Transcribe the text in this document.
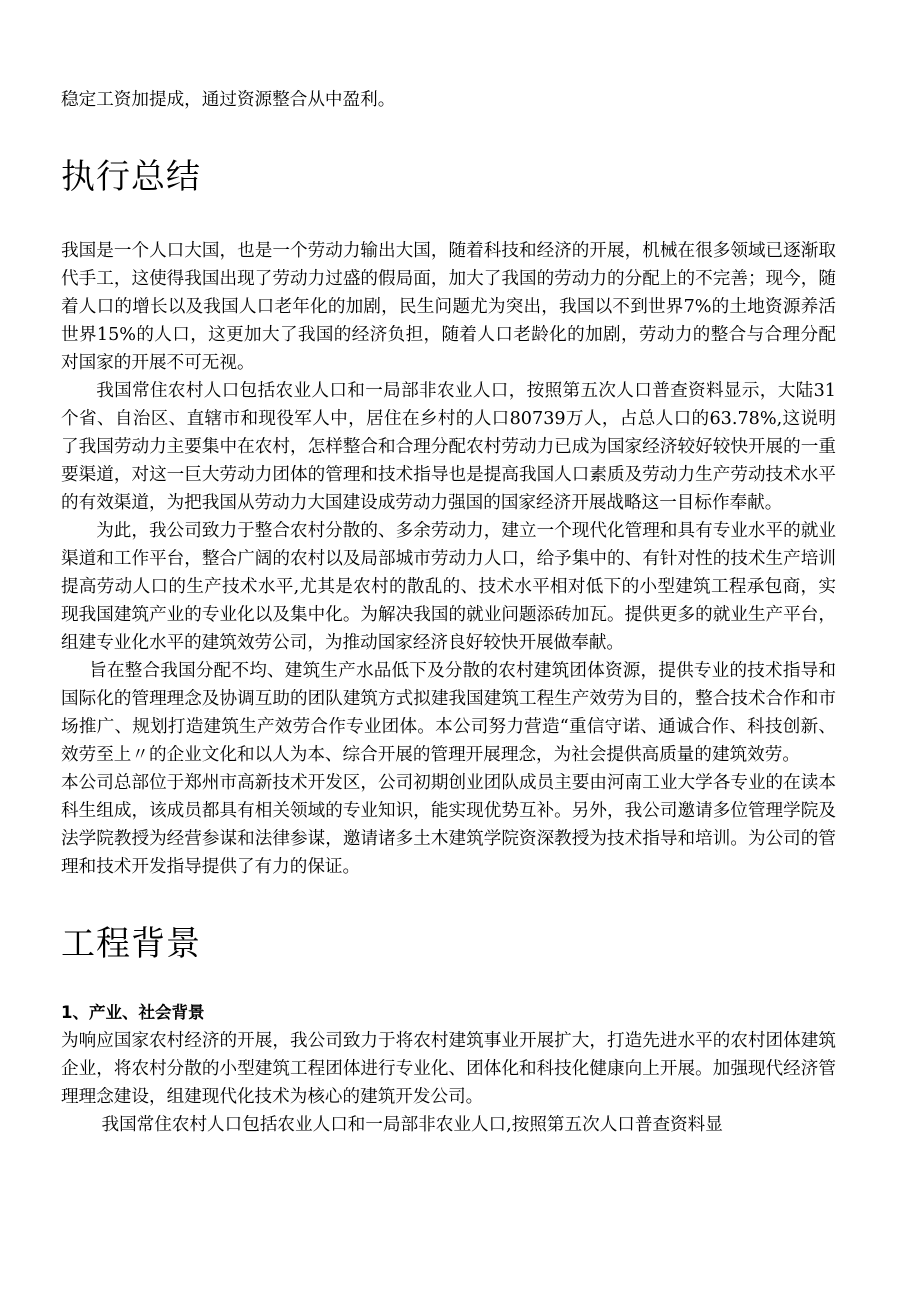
稳定工资加提成，通过资源整合从中盈利。

执行总结

我国是一个人口大国，也是一个劳动力输出大国，随着科技和经济的开展，机械在很多领域已逐渐取代手工，这使得我国出现了劳动力过盛的假局面，加大了我国的劳动力的分配上的不完善；现今，随着人口的增长以及我国人口老年化的加剧，民生问题尤为突出，我国以不到世界7%的土地资源养活世界15%的人口，这更加大了我国的经济负担，随着人口老龄化的加剧，劳动力的整合与合理分配对国家的开展不可无视。

我国常住农村人口包括农业人口和一局部非农业人口，按照第五次人口普查资料显示，大陆31个省、自治区、直辖市和现役军人中，居住在乡村的人口80739万人，占总人口的63.78%,这说明了我国劳动力主要集中在农村，怎样整合和合理分配农村劳动力已成为国家经济较好较快开展的一重要渠道，对这一巨大劳动力团体的管理和技术指导也是提高我国人口素质及劳动力生产劳动技术水平的有效渠道，为把我国从劳动力大国建设成劳动力强国的国家经济开展战略这一目标作奉献。

为此，我公司致力于整合农村分散的、多余劳动力，建立一个现代化管理和具有专业水平的就业渠道和工作平台，整合广阔的农村以及局部城市劳动力人口，给予集中的、有针对性的技术生产培训提高劳动人口的生产技术水平,尤其是农村的散乱的、技术水平相对低下的小型建筑工程承包商，实现我国建筑产业的专业化以及集中化。为解决我国的就业问题添砖加瓦。提供更多的就业生产平台，组建专业化水平的建筑效劳公司，为推动国家经济良好较快开展做奉献。

旨在整合我国分配不均、建筑生产水品低下及分散的农村建筑团体资源，提供专业的技术指导和国际化的管理理念及协调互助的团队建筑方式拟建我国建筑工程生产效劳为目的，整合技术合作和市场推广、规划打造建筑生产效劳合作专业团体。本公司努力营造“重信守诺、通诚合作、科技创新、效劳至上〃的企业文化和以人为本、综合开展的管理开展理念，为社会提供高质量的建筑效劳。

本公司总部位于郑州市高新技术开发区，公司初期创业团队成员主要由河南工业大学各专业的在读本科生组成，该成员都具有相关领域的专业知识，能实现优势互补。另外，我公司邀请多位管理学院及法学院教授为经营参谋和法律参谋，邀请诸多土木建筑学院资深教授为技术指导和培训。为公司的管理和技术开发指导提供了有力的保证。

工程背景
1、产业、社会背景

为响应国家农村经济的开展，我公司致力于将农村建筑事业开展扩大，打造先进水平的农村团体建筑企业，将农村分散的小型建筑工程团体进行专业化、团体化和科技化健康向上开展。加强现代经济管理理念建设，组建现代化技术为核心的建筑开发公司。

我国常住农村人口包括农业人口和一局部非农业人口,按照第五次人口普查资料显
